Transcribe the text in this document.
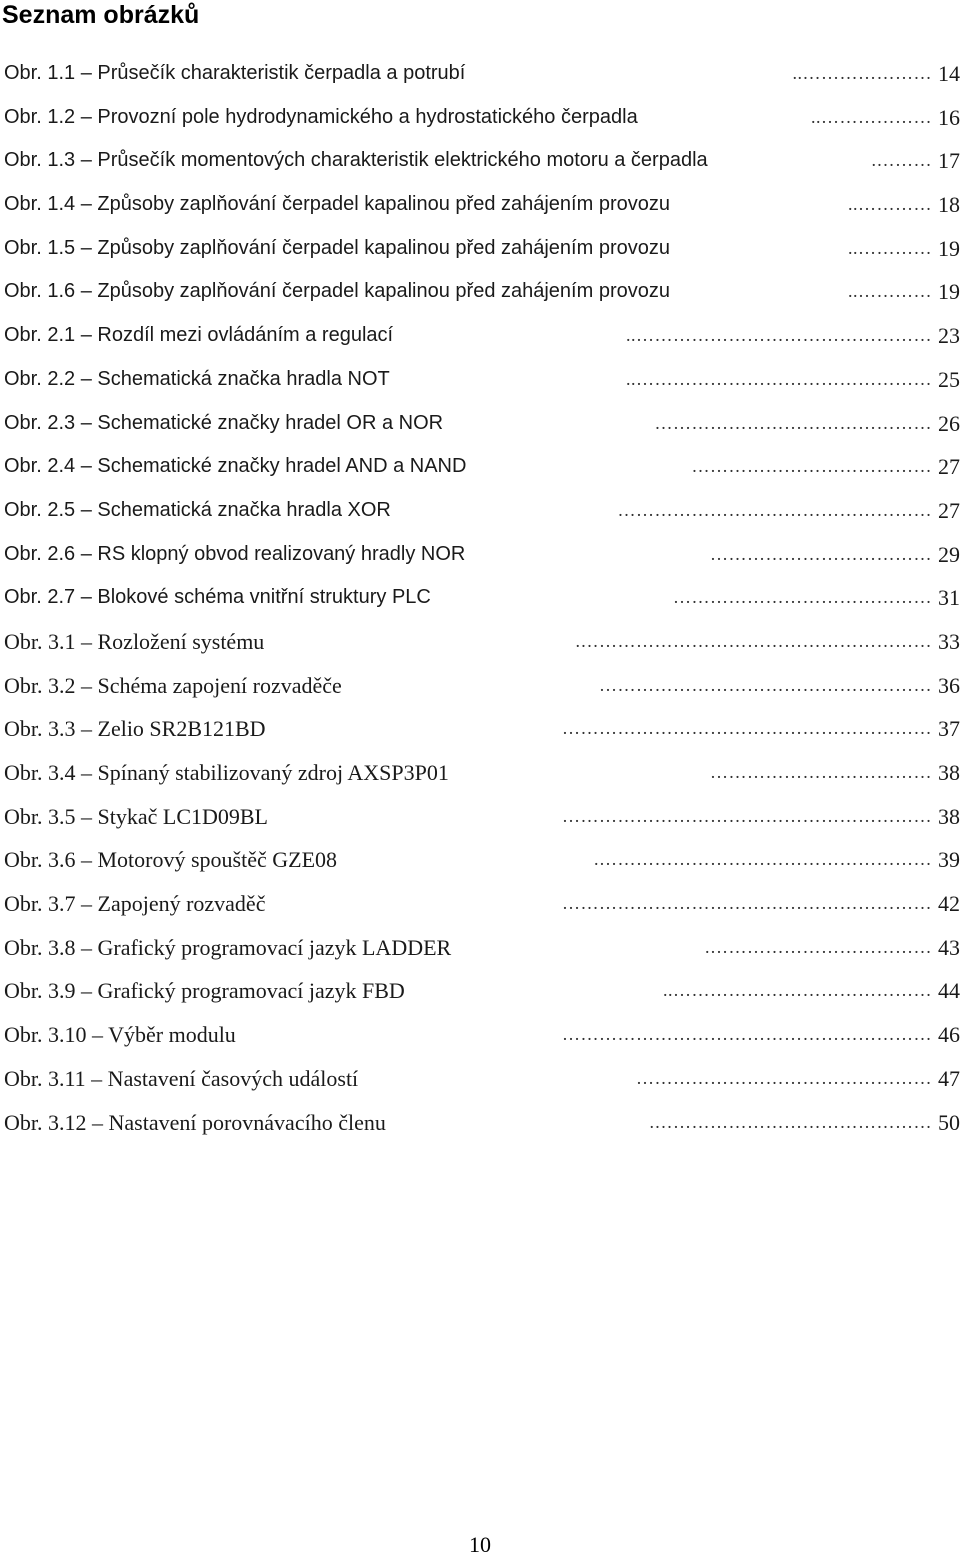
Seznam obrázků
Obr. 1.1 – Průsečík charakteristik čerpadla a potrubí	………………….. 14
Obr. 1.2 – Provozní pole hydrodynamického a hydrostatického čerpadla	……………….. 16
Obr. 1.3 – Průsečík momentových charakteristik elektrického motoru a čerpadla	………. 17
Obr. 1.4 – Způsoby zaplňování čerpadel kapalinou před zahájením provozu	………….. 18
Obr. 1.5 – Způsoby zaplňování čerpadel kapalinou před zahájením provozu	………….. 19
Obr. 1.6 – Způsoby zaplňování čerpadel kapalinou před zahájením provozu	………….. 19
Obr. 2.1 – Rozdíl mezi ovládáním a regulací	………………………………………….. 23
Obr. 2.2 – Schematická značka hradla NOT	………………………………………….. 25
Obr. 2.3 – Schematické značky hradel OR a NOR	……………………………………… 26
Obr. 2.4 – Schematické značky hradel AND a NAND	………………………………… 27
Obr. 2.5 – Schematická značka hradla XOR	…………………………………………… 27
Obr. 2.6 – RS klopný obvod realizovaný hradly NOR	……………………………… 29
Obr. 2.7 – Blokové schéma vnitřní struktury PLC	…………………………………… 31
Obr. 3.1 – Rozložení systému	…………………………………………………. 33
Obr. 3.2 – Schéma zapojení rozvaděče	……………………………………………… 36
Obr. 3.3 – Zelio SR2B121BD	…………………………………………………… 37
Obr. 3.4 – Spínaný stabilizovaný zdroj AXSP3P01	……………………………… 38
Obr. 3.5 – Stykač LC1D09BL	…………………………………………………… 38
Obr. 3.6 – Motorový spouštěč GZE08	………………………………………………. 39
Obr. 3.7 – Zapojený rozvaděč	…………………………………………………… 42
Obr. 3.8 – Grafický programovací jazyk LADDER	………………………………. 43
Obr. 3.9 – Grafický programovací jazyk FBD	…………………………………….. 44
Obr. 3.10 – Výběr modulu	…………………………………………………… 46
Obr. 3.11 – Nastavení časových událostí	………………………………………… 47
Obr. 3.12 – Nastavení porovnávacího členu	………………………………………. 50
10
